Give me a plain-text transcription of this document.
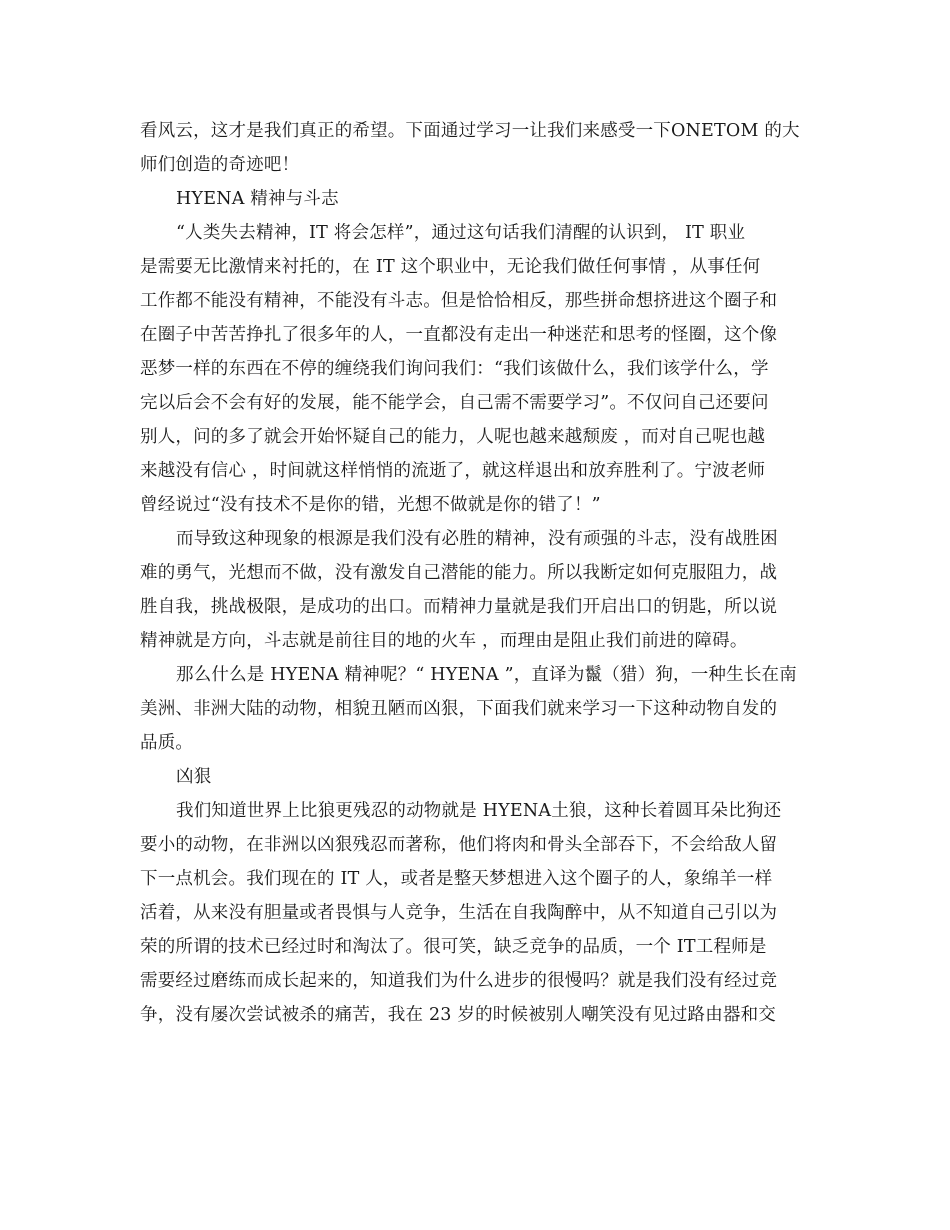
看风云，这才是我们真正的希望。下面通过学习一让我们来感受一下ONETOM 的大
师们创造的奇迹吧！
HYENA 精神与斗志
“人类失去精神，IT 将会怎样”，通过这句话我们清醒的认识到， IT 职业
是需要无比激情来衬托的，在 IT 这个职业中，无论我们做任何事情 ，从事任何
工作都不能没有精神，不能没有斗志。但是恰恰相反，那些拼命想挤进这个圈子和
在圈子中苦苦挣扎了很多年的人，一直都没有走出一种迷茫和思考的怪圈，这个像
恶梦一样的东西在不停的缠绕我们询问我们：“我们该做什么，我们该学什么，学
完以后会不会有好的发展，能不能学会，自己需不需要学习”。不仅问自己还要问
别人，问的多了就会开始怀疑自己的能力，人呢也越来越颓废 ，而对自己呢也越
来越没有信心 ，时间就这样悄悄的流逝了，就这样退出和放弃胜利了。宁波老师
曾经说过“没有技术不是你的错，光想不做就是你的错了！”
而导致这种现象的根源是我们没有必胜的精神，没有顽强的斗志，没有战胜困
难的勇气，光想而不做，没有激发自己潜能的能力。所以我断定如何克服阻力，战
胜自我，挑战极限，是成功的出口。而精神力量就是我们开启出口的钥匙，所以说
精神就是方向，斗志就是前往目的地的火车 ，而理由是阻止我们前进的障碍。
那么什么是 HYENA 精神呢？“ HYENA ”，直译为鬣（猎）狗，一种生长在南
美洲、非洲大陆的动物，相貌丑陋而凶狠，下面我们就来学习一下这种动物自发的
品质。
凶狠
我们知道世界上比狼更残忍的动物就是 HYENA土狼，这种长着圆耳朵比狗还
要小的动物，在非洲以凶狠残忍而著称，他们将肉和骨头全部吞下，不会给敌人留
下一点机会。我们现在的 IT 人，或者是整天梦想进入这个圈子的人，象绵羊一样
活着，从来没有胆量或者畏惧与人竞争，生活在自我陶醉中，从不知道自己引以为
荣的所谓的技术已经过时和淘汰了。很可笑，缺乏竞争的品质，一个 IT工程师是
需要经过磨练而成长起来的，知道我们为什么进步的很慢吗？就是我们没有经过竞
争，没有屡次尝试被杀的痛苦，我在 23 岁的时候被别人嘲笑没有见过路由器和交
